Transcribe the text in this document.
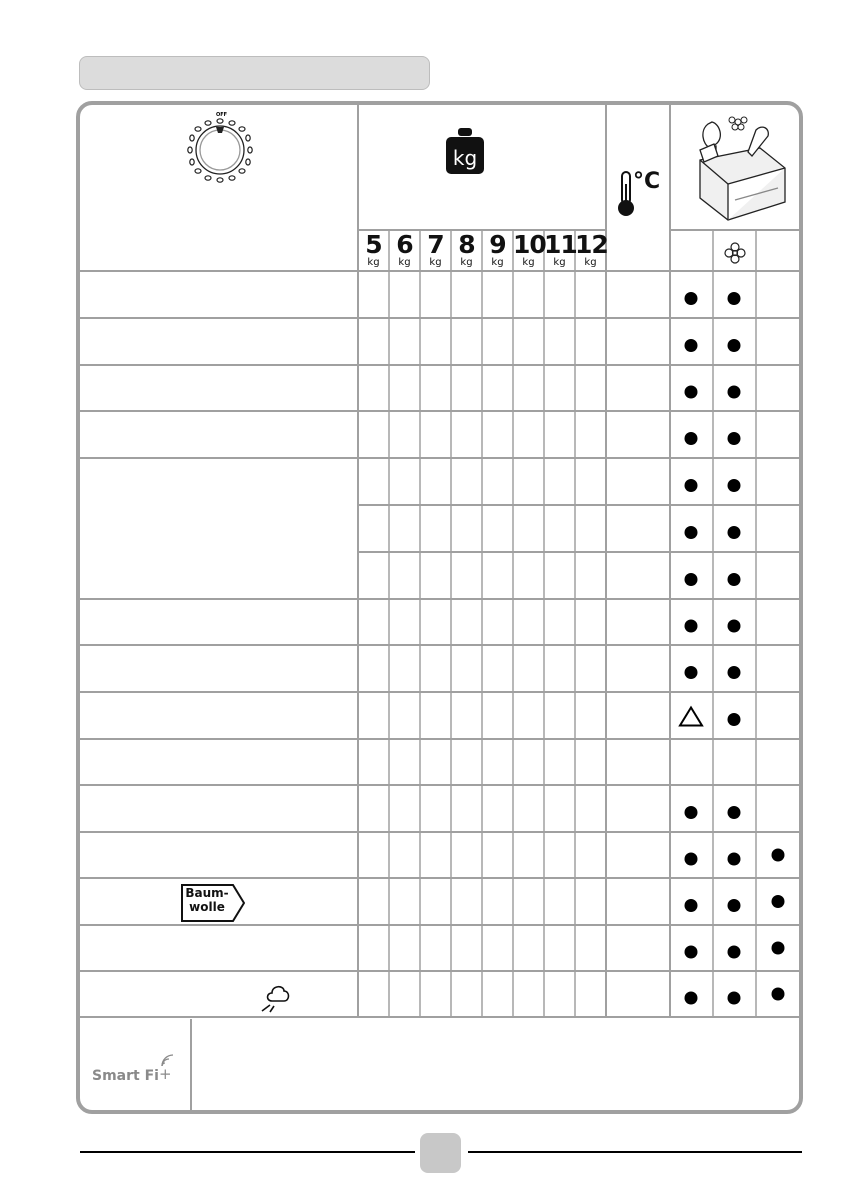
OFF
kg
5
kg
6
kg
7
kg
8
kg
9
kg
10
kg
11
kg
12
kg
°C
Baum-
wolle
Smart Fi+
